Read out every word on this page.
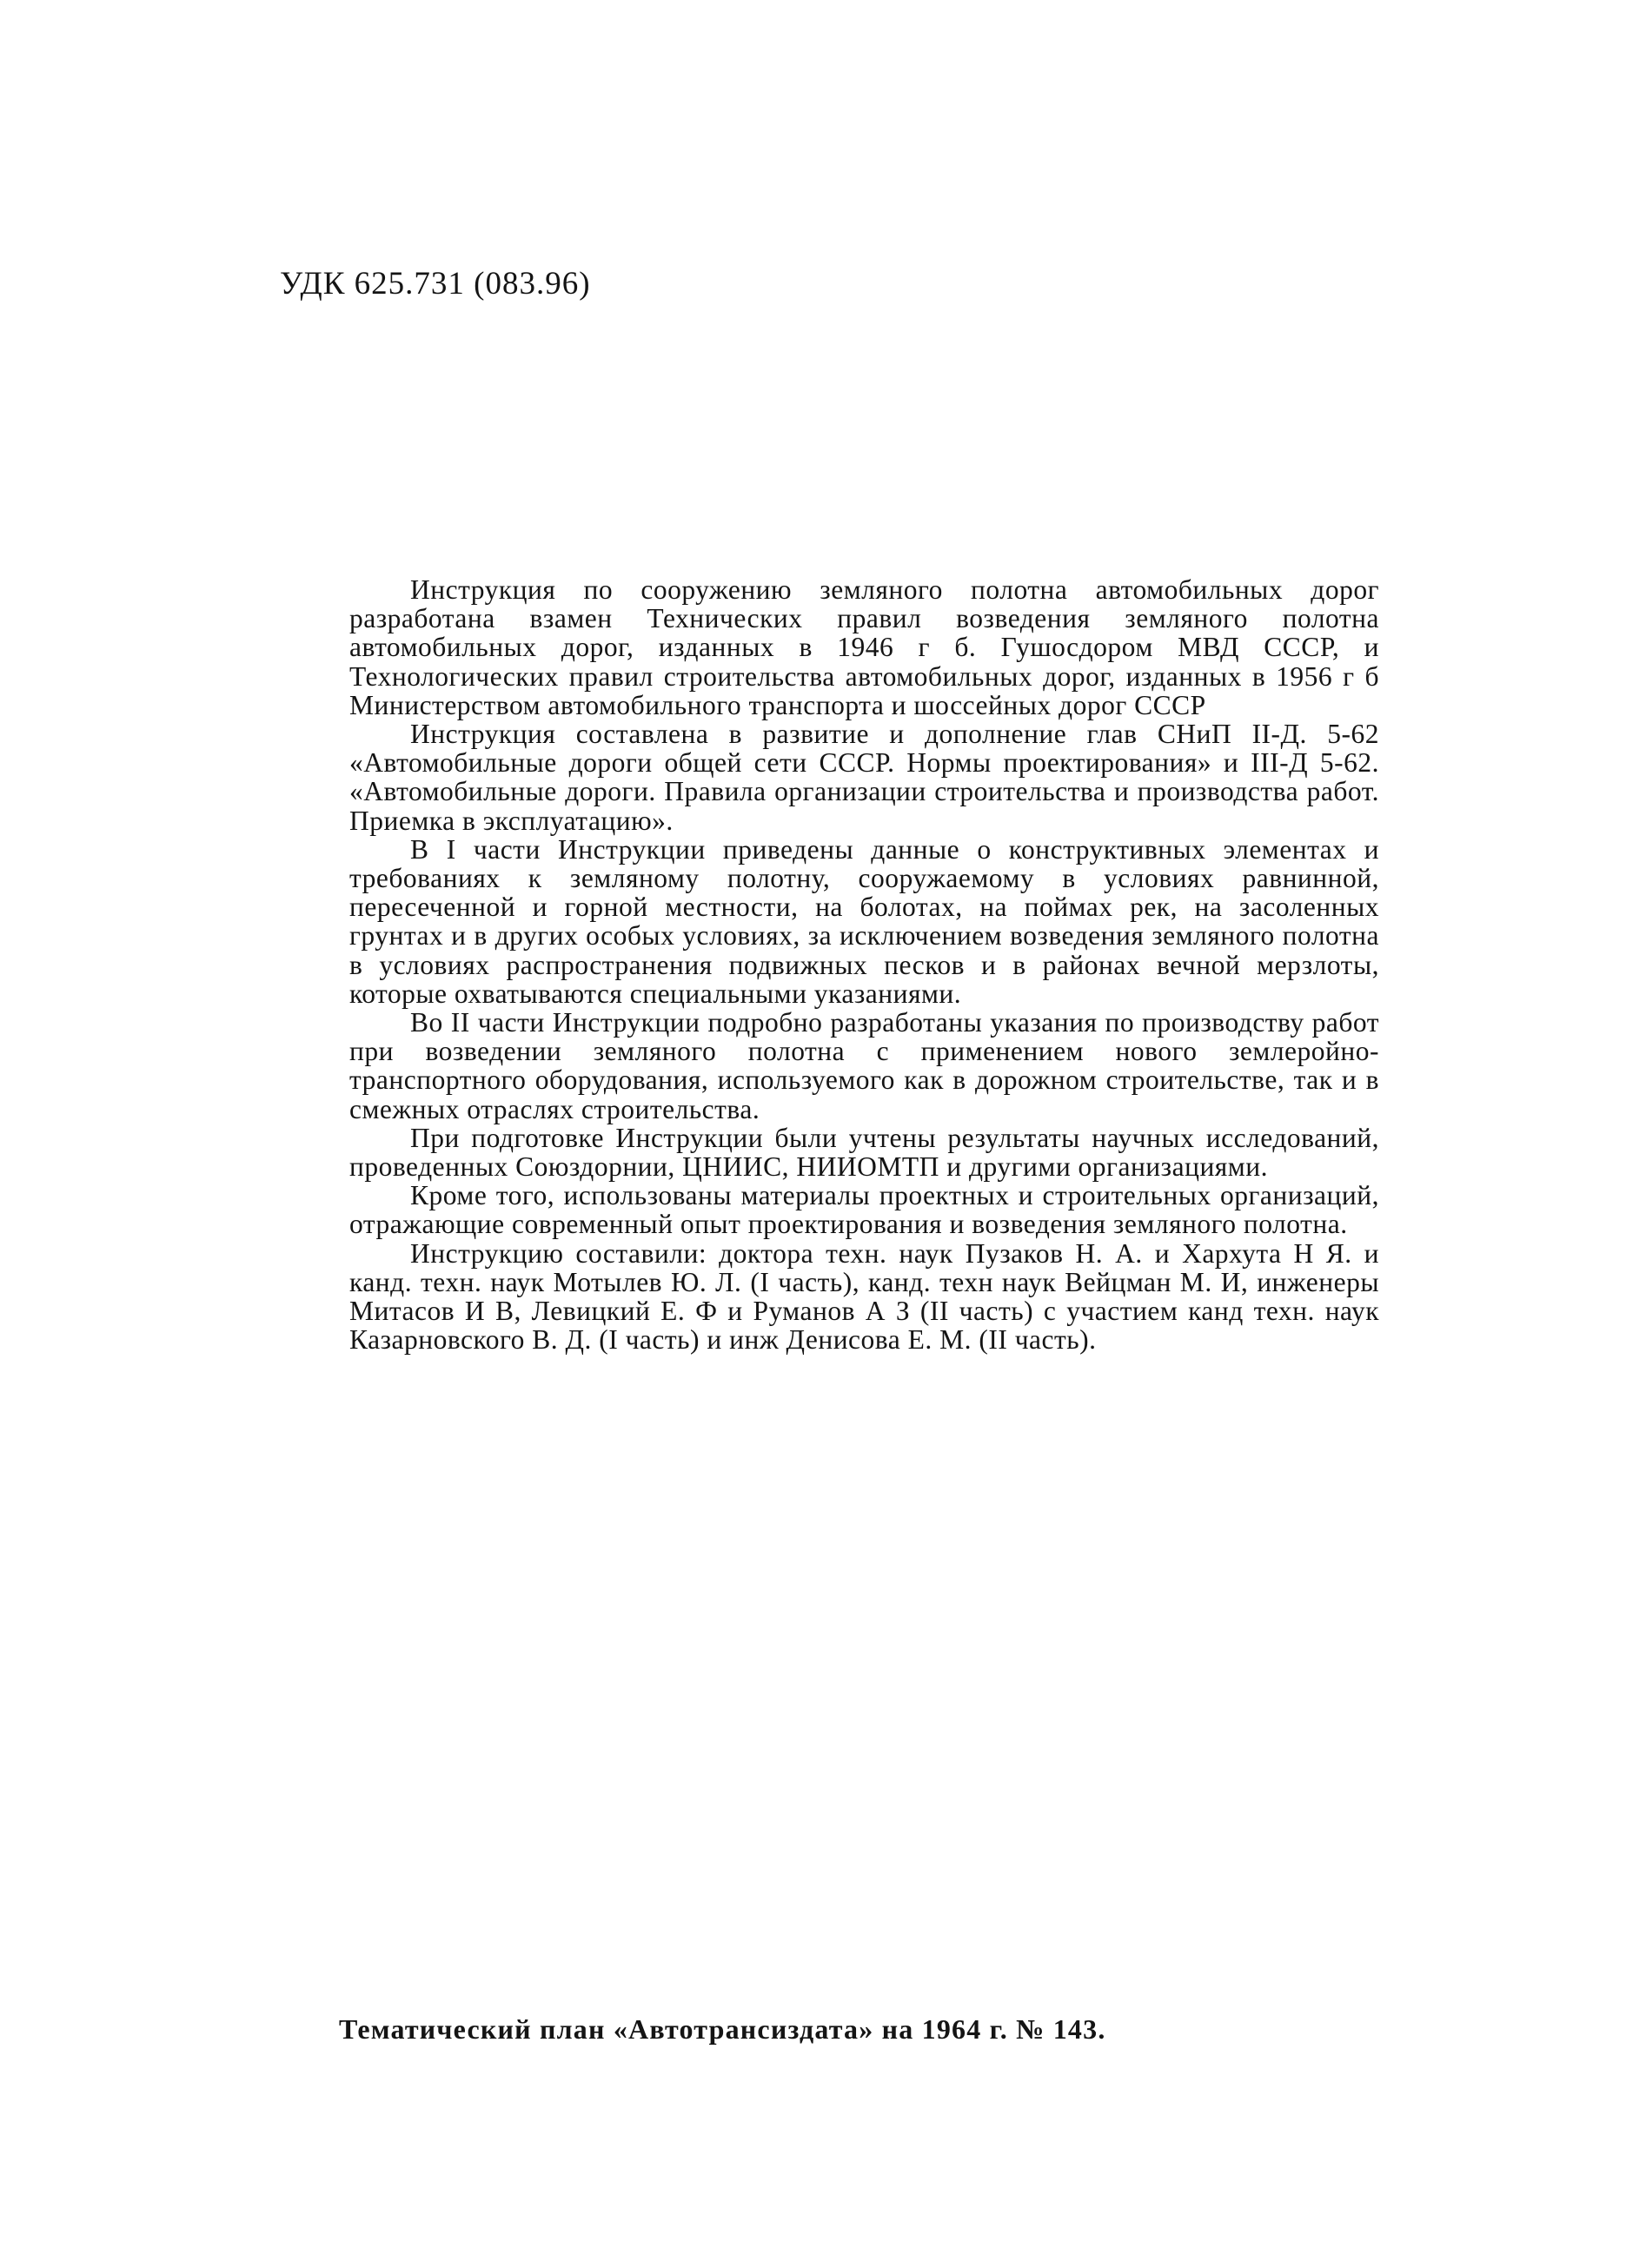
УДК 625.731 (083.96)

Инструкция по сооружению земляного полотна автомобильных дорог разработана взамен Технических правил возведения земляного полотна автомобильных дорог, изданных в 1946 г б. Гушосдором МВД СССР, и Технологических правил строительства автомобильных дорог, изданных в 1956 г б Министерством автомобильного транспорта и шоссейных дорог СССР

Инструкция составлена в развитие и дополнение глав СНиП II-Д. 5-62 «Автомобильные дороги общей сети СССР. Нормы проектирования» и III-Д 5-62. «Автомобильные дороги. Правила организации строительства и производства работ. Приемка в эксплуатацию».

В I части Инструкции приведены данные о конструктивных элементах и требованиях к земляному полотну, сооружаемому в условиях равнинной, пересеченной и горной местности, на болотах, на поймах рек, на засоленных грунтах и в других особых условиях, за исключением возведения земляного полотна в условиях распространения подвижных песков и в районах вечной мерзлоты, которые охватываются специальными указаниями.

Во II части Инструкции подробно разработаны указания по производству работ при возведении земляного полотна с применением нового землеройно-транспортного оборудования, используемого как в дорожном строительстве, так и в смежных отраслях строительства.

При подготовке Инструкции были учтены результаты научных исследований, проведенных Союздорнии, ЦНИИС, НИИОМТП и другими организациями.

Кроме того, использованы материалы проектных и строительных организаций, отражающие современный опыт проектирования и возведения земляного полотна.

Инструкцию составили: доктора техн. наук Пузаков Н. А. и Хархута Н Я. и канд. техн. наук Мотылев Ю. Л. (I часть), канд. техн наук Вейцман М. И, инженеры Митасов И В, Левицкий Е. Ф и Руманов А З (II часть) с участием канд техн. наук Казарновского В. Д. (I часть) и инж Денисова Е. М. (II часть).

Тематический план «Автотрансиздата» на 1964 г. № 143.
